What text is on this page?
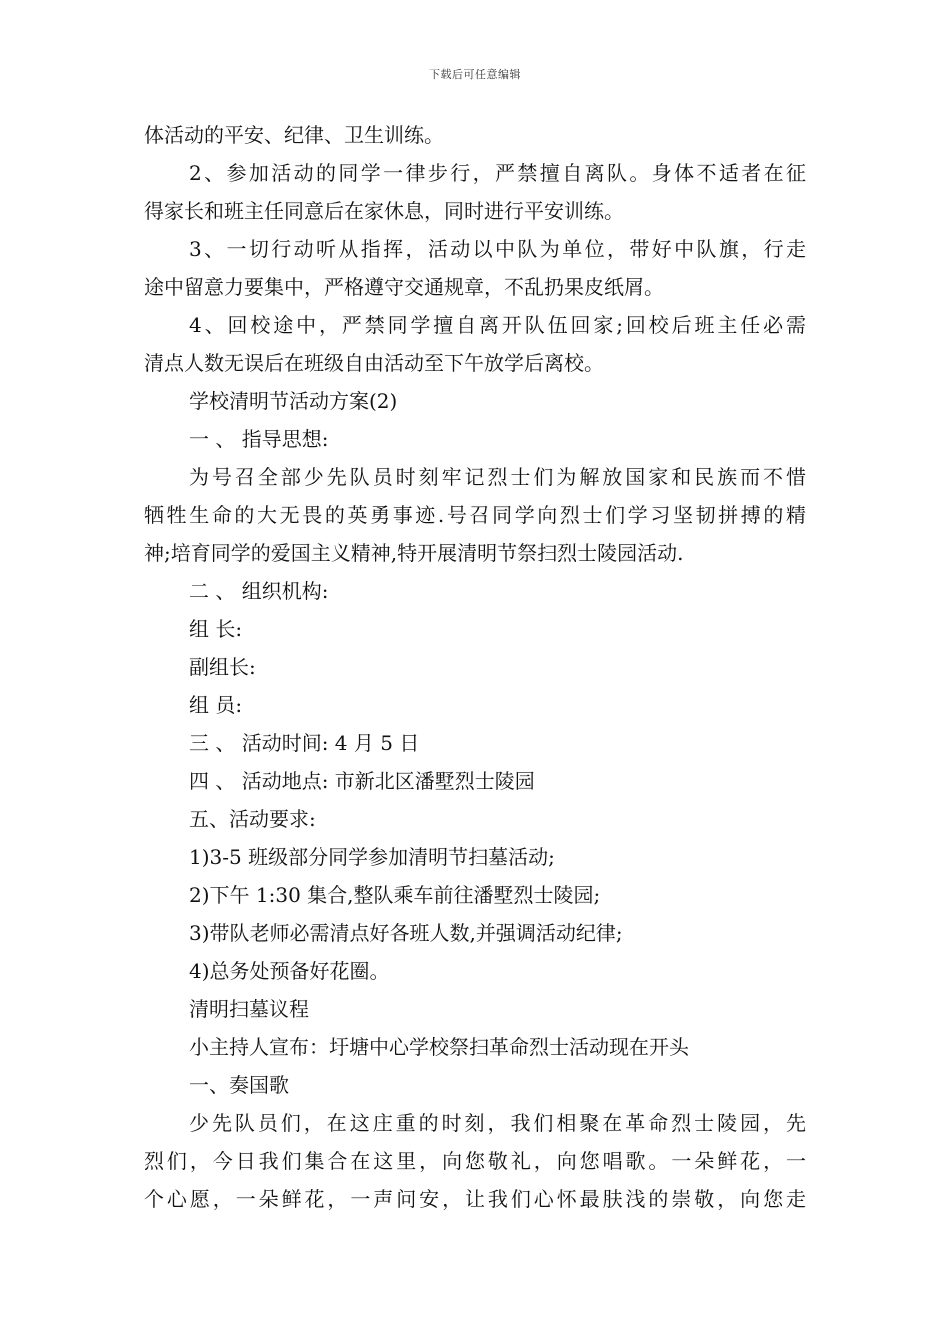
下载后可任意编辑
体活动的平安、纪律、卫生训练。
2、参加活动的同学一律步行，严禁擅自离队。身体不适者在征
得家长和班主任同意后在家休息，同时进行平安训练。
3、一切行动听从指挥，活动以中队为单位，带好中队旗，行走
途中留意力要集中，严格遵守交通规章，不乱扔果皮纸屑。
4、回校途中，严禁同学擅自离开队伍回家;回校后班主任必需
清点人数无误后在班级自由活动至下午放学后离校。
学校清明节活动方案(2)
一 、 指导思想:
为号召全部少先队员时刻牢记烈士们为解放国家和民族而不惜
牺牲生命的大无畏的英勇事迹.号召同学向烈士们学习坚韧拼搏的精
神;培育同学的爱国主义精神,特开展清明节祭扫烈士陵园活动.
二 、 组织机构:
组 长:
副组长:
组 员:
三 、 活动时间: 4 月 5 日
四 、 活动地点: 市新北区潘墅烈士陵园
五、活动要求:
1)3-5 班级部分同学参加清明节扫墓活动;
2)下午 1:30 集合,整队乘车前往潘墅烈士陵园;
3)带队老师必需清点好各班人数,并强调活动纪律;
4)总务处预备好花圈。
清明扫墓议程
小主持人宣布：圩塘中心学校祭扫革命烈士活动现在开头
一、奏国歌
少先队员们，在这庄重的时刻，我们相聚在革命烈士陵园，先
烈们，今日我们集合在这里，向您敬礼，向您唱歌。一朵鲜花，一
个心愿，一朵鲜花，一声问安，让我们心怀最肤浅的崇敬，向您走
